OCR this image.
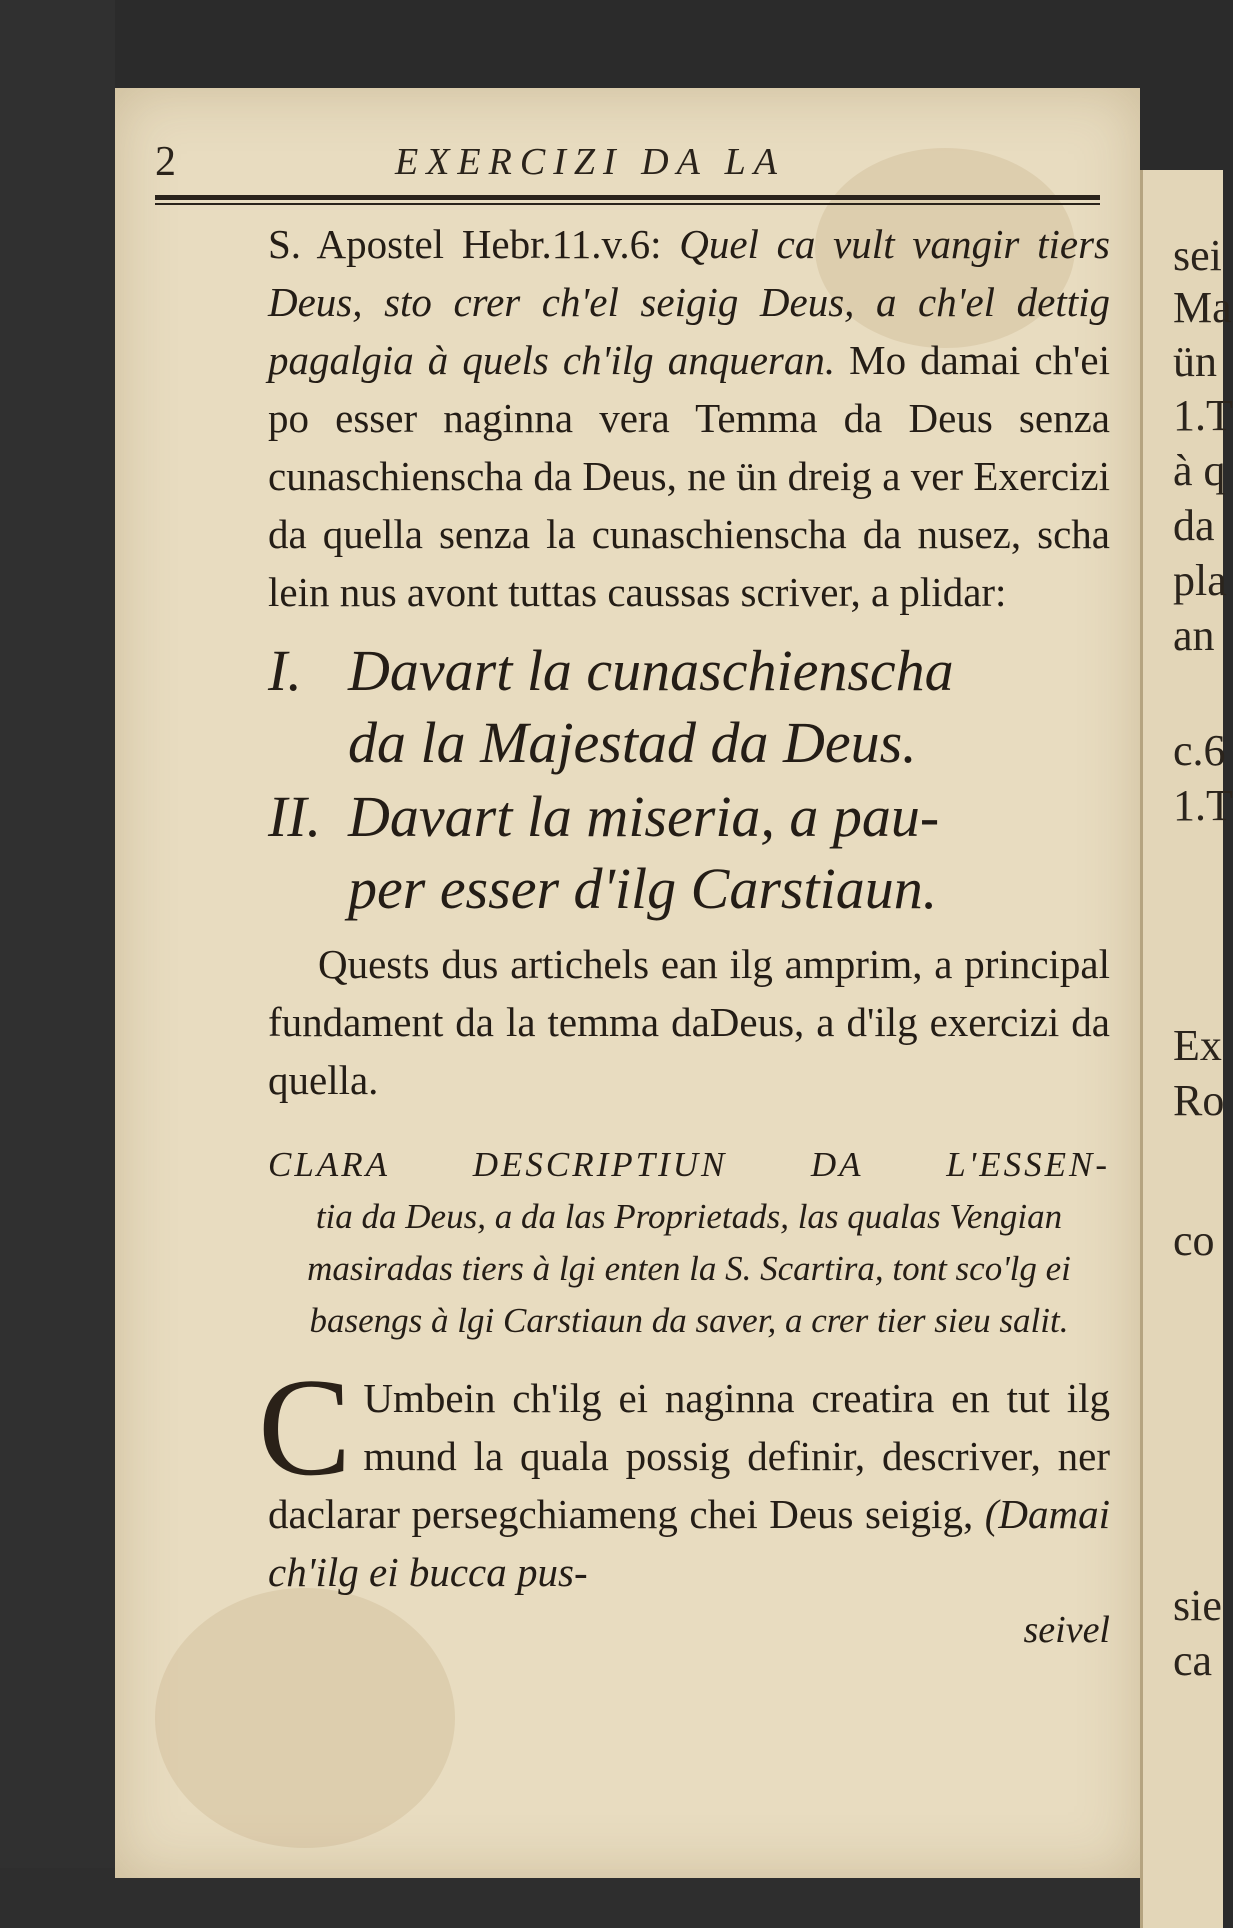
sei
Ma
ün
1.T
à q
da
pla
an
c.6
1.T
Ex
Ro
co
sie
ca
2	EXERCIZI DA LA

S. Apostel Hebr.11.v.6: Quel ca vult vangir tiers Deus, sto crer ch'el seigig Deus, a ch'el dettig pagalgia à quels ch'ilg anqueran. Mo damai ch'ei po esser naginna vera Temma da Deus senza cunaschienscha da Deus, ne ün dreig a ver Exercizi da quella senza la cunaschienscha da nusez, scha lein nus avont tuttas caussas scriver, a plidar:

I. Davart la cunaschienscha
da la Majestad da Deus.
II. Davart la miseria, a pau-
per esser d'ilg Carstiaun.

Quests dus artichels ean ilg amprim, a principal fundament da la temma daDeus, a d'ilg exercizi da quella.

CLARA DESCRIPTIUN DA L'ESSEN-
tia da Deus, a da las Proprietads, las qualas Vengian masiradas tiers à lgi enten la S. Scartira, tont sco'lg ei basengs à lgi Carstiaun da saver, a crer tier sieu salit.

C Umbein ch'ilg ei naginna creatira en tut ilg mund la quala possig definir, descriver, ner daclarar persegchiameng chei Deus seigig, (Damai ch'ilg ei bucca pus-

seivel
